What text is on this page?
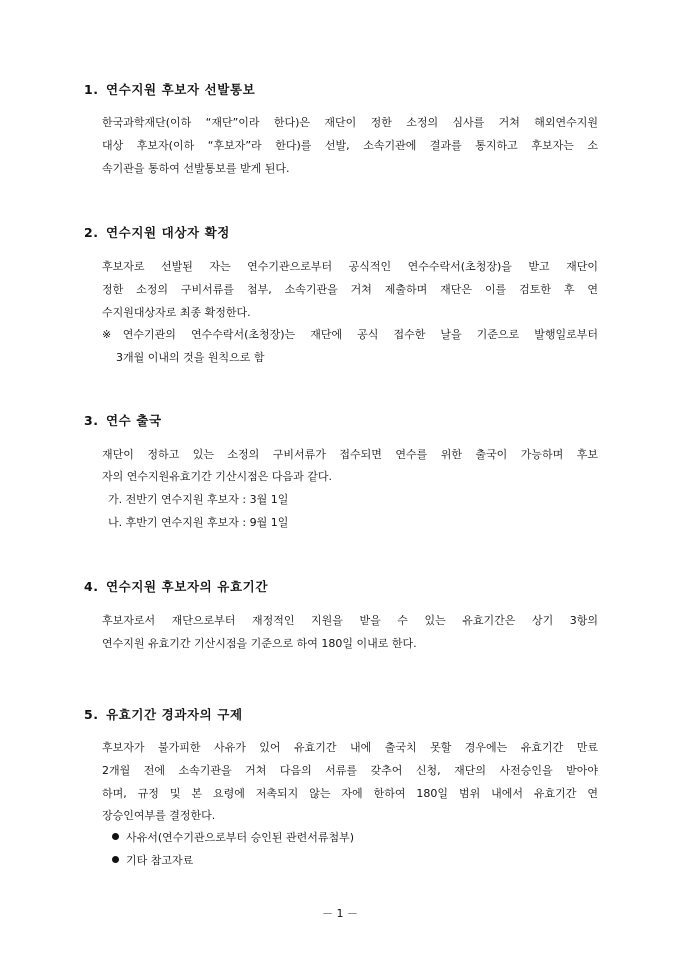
1. 연수지원 후보자 선발통보
한국과학재단(이하 “재단”이라 한다)은 재단이 정한 소정의 심사를 거쳐 해외연수지원
대상 후보자(이하 “후보자”라 한다)를 선발, 소속기관에 결과를 통지하고 후보자는 소
속기관을 통하여 선발통보를 받게 된다.
2. 연수지원 대상자 확정
후보자로 선발된 자는 연수기관으로부터 공식적인 연수수락서(초청장)을 받고 재단이
정한 소정의 구비서류를 첨부, 소속기관을 거쳐 제출하며 재단은 이를 검토한 후 연
수지원대상자로 최종 확정한다.
※연수기관의 연수수락서(초청장)는 재단에 공식 접수한 날을 기준으로 발행일로부터
3개월 이내의 것을 원칙으로 함
3. 연수 출국
재단이 정하고 있는 소정의 구비서류가 접수되면 연수를 위한 출국이 가능하며 후보
자의 연수지원유효기간 기산시점은 다음과 같다.
가. 전반기 연수지원 후보자 : 3월 1일
나. 후반기 연수지원 후보자 : 9월 1일
4. 연수지원 후보자의 유효기간
후보자로서 재단으로부터 재정적인 지원을 받을 수 있는 유효기간은 상기 3항의
연수지원 유효기간 기산시점을 기준으로 하여 180일 이내로 한다.
5. 유효기간 경과자의 구제
후보자가 불가피한 사유가 있어 유효기간 내에 출국치 못할 경우에는 유효기간 만료
2개월 전에 소속기관을 거쳐 다음의 서류를 갖추어 신청, 재단의 사전승인을 받아야
하며, 규정 및 본 요령에 저촉되지 않는 자에 한하여 180일 범위 내에서 유효기간 연
장승인여부를 결정한다.
사유서(연수기관으로부터 승인된 관련서류첨부)
기타 참고자료
－ 1 －
